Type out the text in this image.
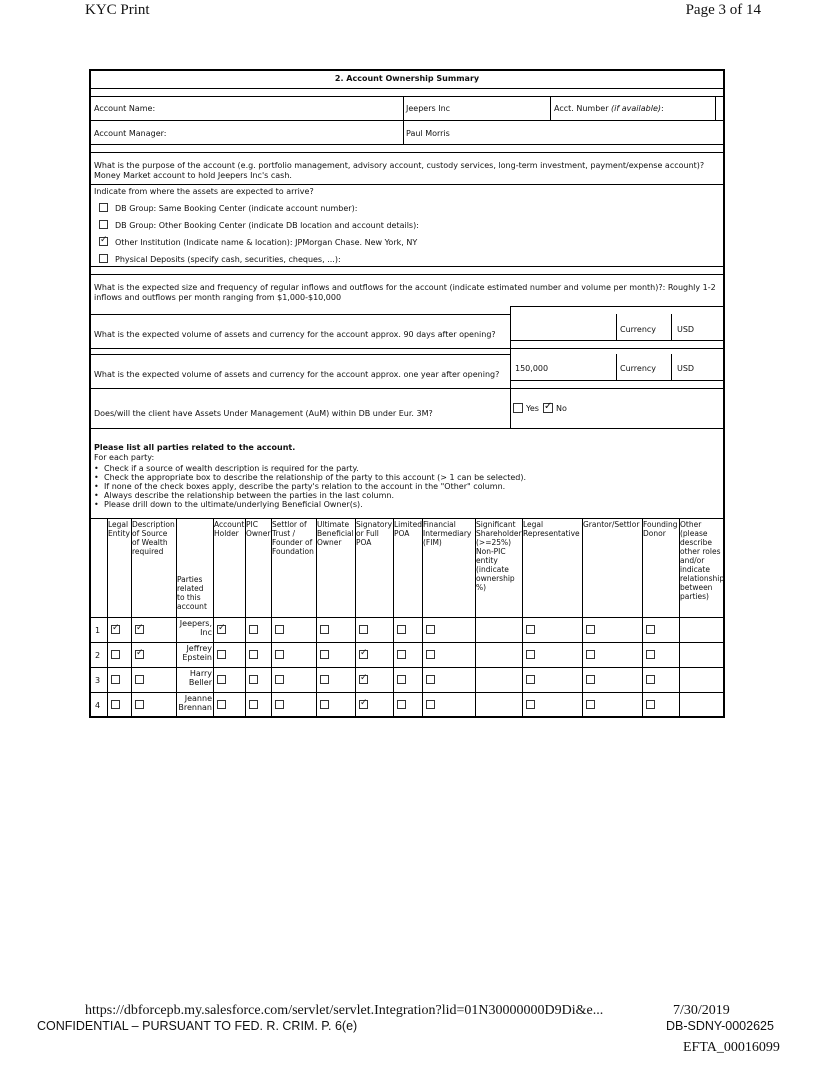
KYC Print	Page 3 of 14
https://dbforcepb.my.salesforce.com/servlet/servlet.Integration?lid=01N30000000D9Di&e...	7/30/2019
CONFIDENTIAL – PURSUANT TO FED. R. CRIM. P. 6(e)	DB-SDNY-0002625
EFTA_00016099
2. Account Ownership Summary
Account Name:	Jeepers Inc	Acct. Number (if available):
Account Manager:	Paul Morris
What is the purpose of the account (e.g. portfolio management, advisory account, custody services, long-term investment, payment/expense account)? Money Market account to hold Jeepers Inc's cash.
Indicate from where the assets are expected to arrive?
DB Group: Same Booking Center (indicate account number):
DB Group: Other Booking Center (indicate DB location and account details):
✓
Other Institution (Indicate name & location): JPMorgan Chase. New York, NY
Physical Deposits (specify cash, securities, cheques, ...):
What is the expected size and frequency of regular inflows and outflows for the account (indicate estimated number and volume per month)?: Roughly 1-2 inflows and outflows per month ranging from $1,000-$10,000
What is the expected volume of assets and currency for the account approx. 90 days after opening?
Currency	USD
What is the expected volume of assets and currency for the account approx. one year after opening?
150,000	Currency	USD
Does/will the client have Assets Under Management (AuM) within DB under Eur. 3M?
Yes
✓ No
Please list all parties related to the account.
For each party:
• Check if a source of wealth description is required for the party.
• Check the appropriate box to describe the relationship of the party to this account (> 1 can be selected).
• If none of the check boxes apply, describe the party's relation to the account in the "Other" column.
• Always describe the relationship between the parties in the last column.
• Please drill down to the ultimate/underlying Beneficial Owner(s).
Legal Entity
Description of Source of Wealth required
Parties related to this account
Account Holder
PIC Owner
Settlor of Trust / Founder of Foundation
Ultimate Beneficial Owner
Signatory or Full POA
Limited POA
Financial Intermediary (FIM)
Significant Shareholder (>=25%) Non-PIC entity (indicate ownership %)
Legal Representative
Grantor/Settlor Founding Donor
Other (please describe other roles and/or indicate relationship between parties)
1
Jeepers, Inc
✓
✓
✓
2
Jeffrey Epstein
✓
✓
3
Harry Beller
✓
4
Jeanne Brennan
✓
